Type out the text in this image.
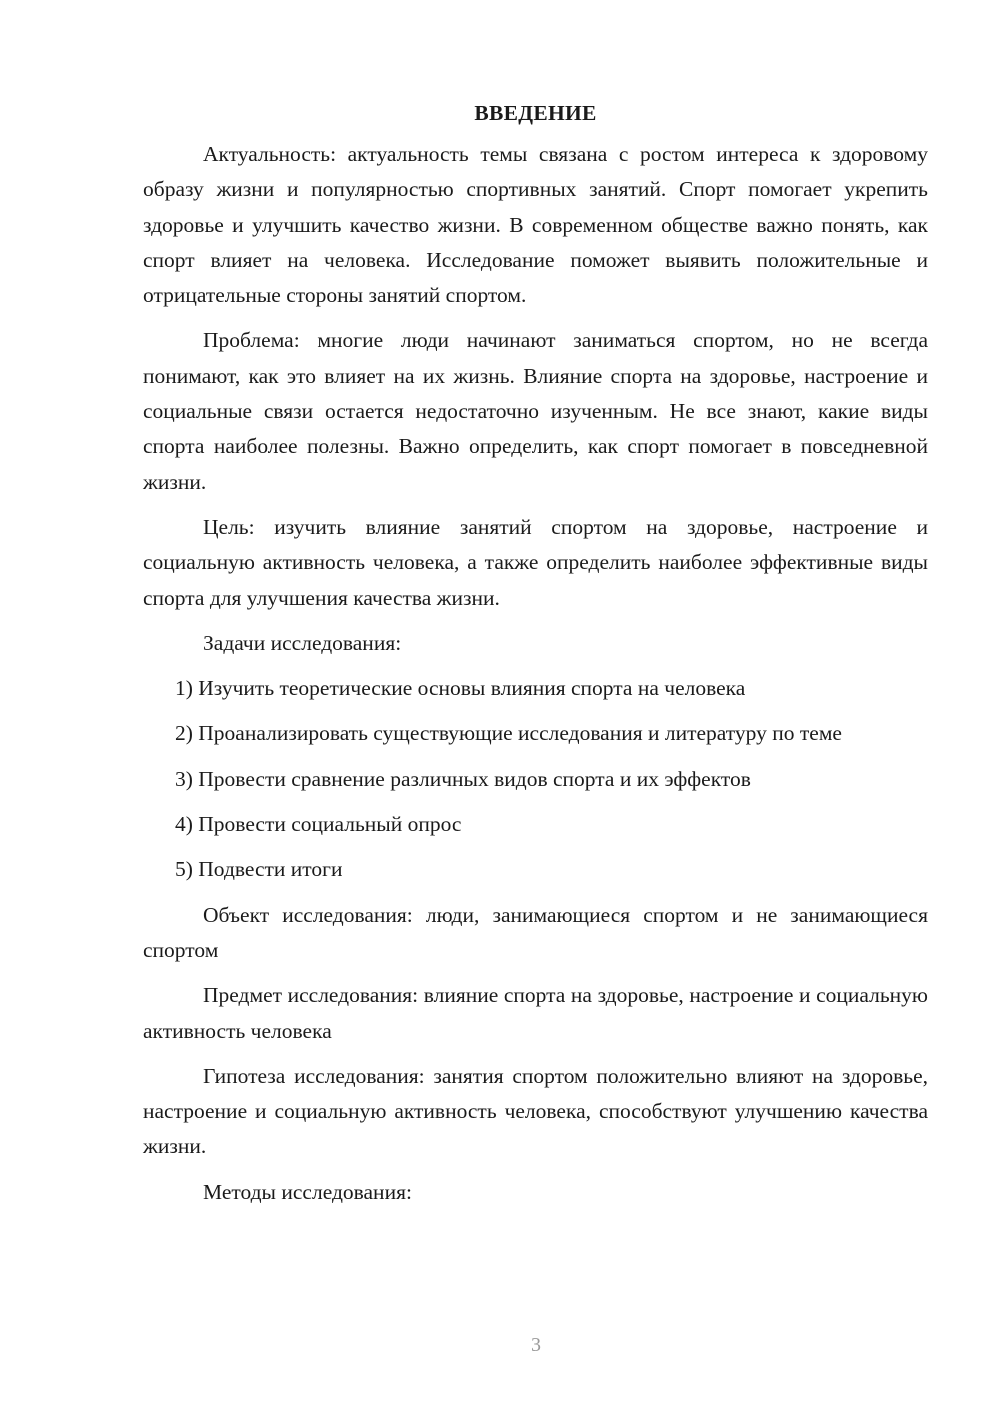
ВВЕДЕНИЕ

Актуальность: актуальность темы связана с ростом интереса к здоровому образу жизни и популярностью спортивных занятий. Спорт помогает укрепить здоровье и улучшить качество жизни. В современном обществе важно понять, как спорт влияет на человека. Исследование поможет выявить положительные и отрицательные стороны занятий спортом.

Проблема: многие люди начинают заниматься спортом, но не всегда понимают, как это влияет на их жизнь. Влияние спорта на здоровье, настроение и социальные связи остается недостаточно изученным. Не все знают, какие виды спорта наиболее полезны. Важно определить, как спорт помогает в повседневной жизни.

Цель: изучить влияние занятий спортом на здоровье, настроение и социальную активность человека, а также определить наиболее эффективные виды спорта для улучшения качества жизни.

Задачи исследования:

1) Изучить теоретические основы влияния спорта на человека

2) Проанализировать существующие исследования и литературу по теме

3) Провести сравнение различных видов спорта и их эффектов

4) Провести социальный опрос

5) Подвести итоги

Объект исследования: люди, занимающиеся спортом и не занимающиеся спортом

Предмет исследования: влияние спорта на здоровье, настроение и социальную активность человека

Гипотеза исследования: занятия спортом положительно влияют на здоровье, настроение и социальную активность человека, способствуют улучшению качества жизни.

Методы исследования:

3
